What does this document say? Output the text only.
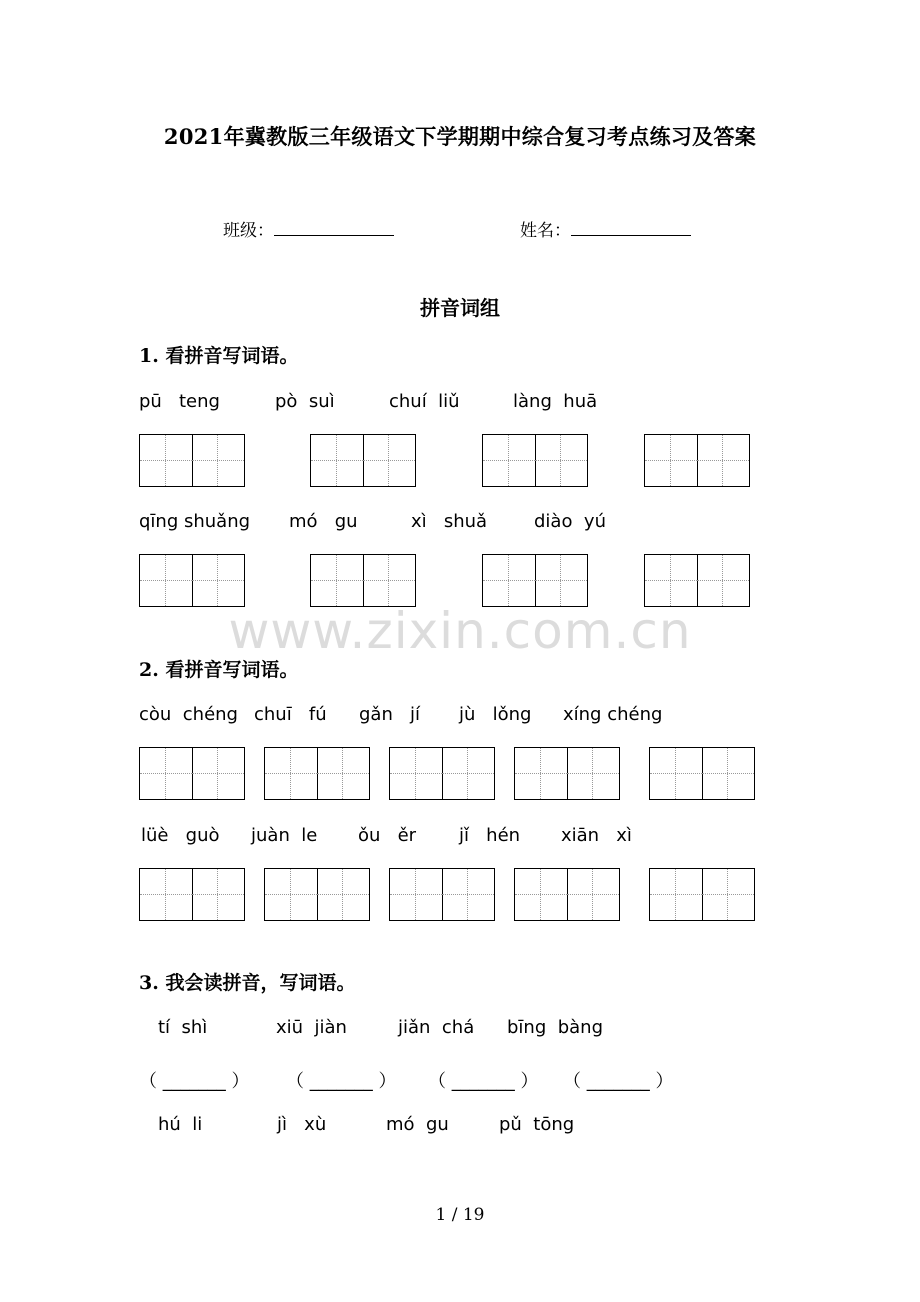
2021年冀教版三年级语文下学期期中综合复习考点练习及答案
班级：	姓名：
拼音词组
1. 看拼音写词语。
pū   teng	pò  suì	chuí  liǔ	làng  huā
qīng shuǎng mó   gu	xì   shuǎ	diào  yú
www.zixin.com.cn
2. 看拼音写词语。
còu  chéng chuī   fú gǎn   jí jù   lǒng xíng chéng
lüè   guò juàn  le ǒu   ěr jǐ   hén xiān   xì
3. 我会读拼音，写词语。
tí  shì	xiū  jiàn	jiǎn  chá bīng  bàng
（ _______ ） （ _______ ） （ _______ ） （ _______ ）
hú  li	jì   xù	mó  gu	pǔ  tōng
1 / 19
